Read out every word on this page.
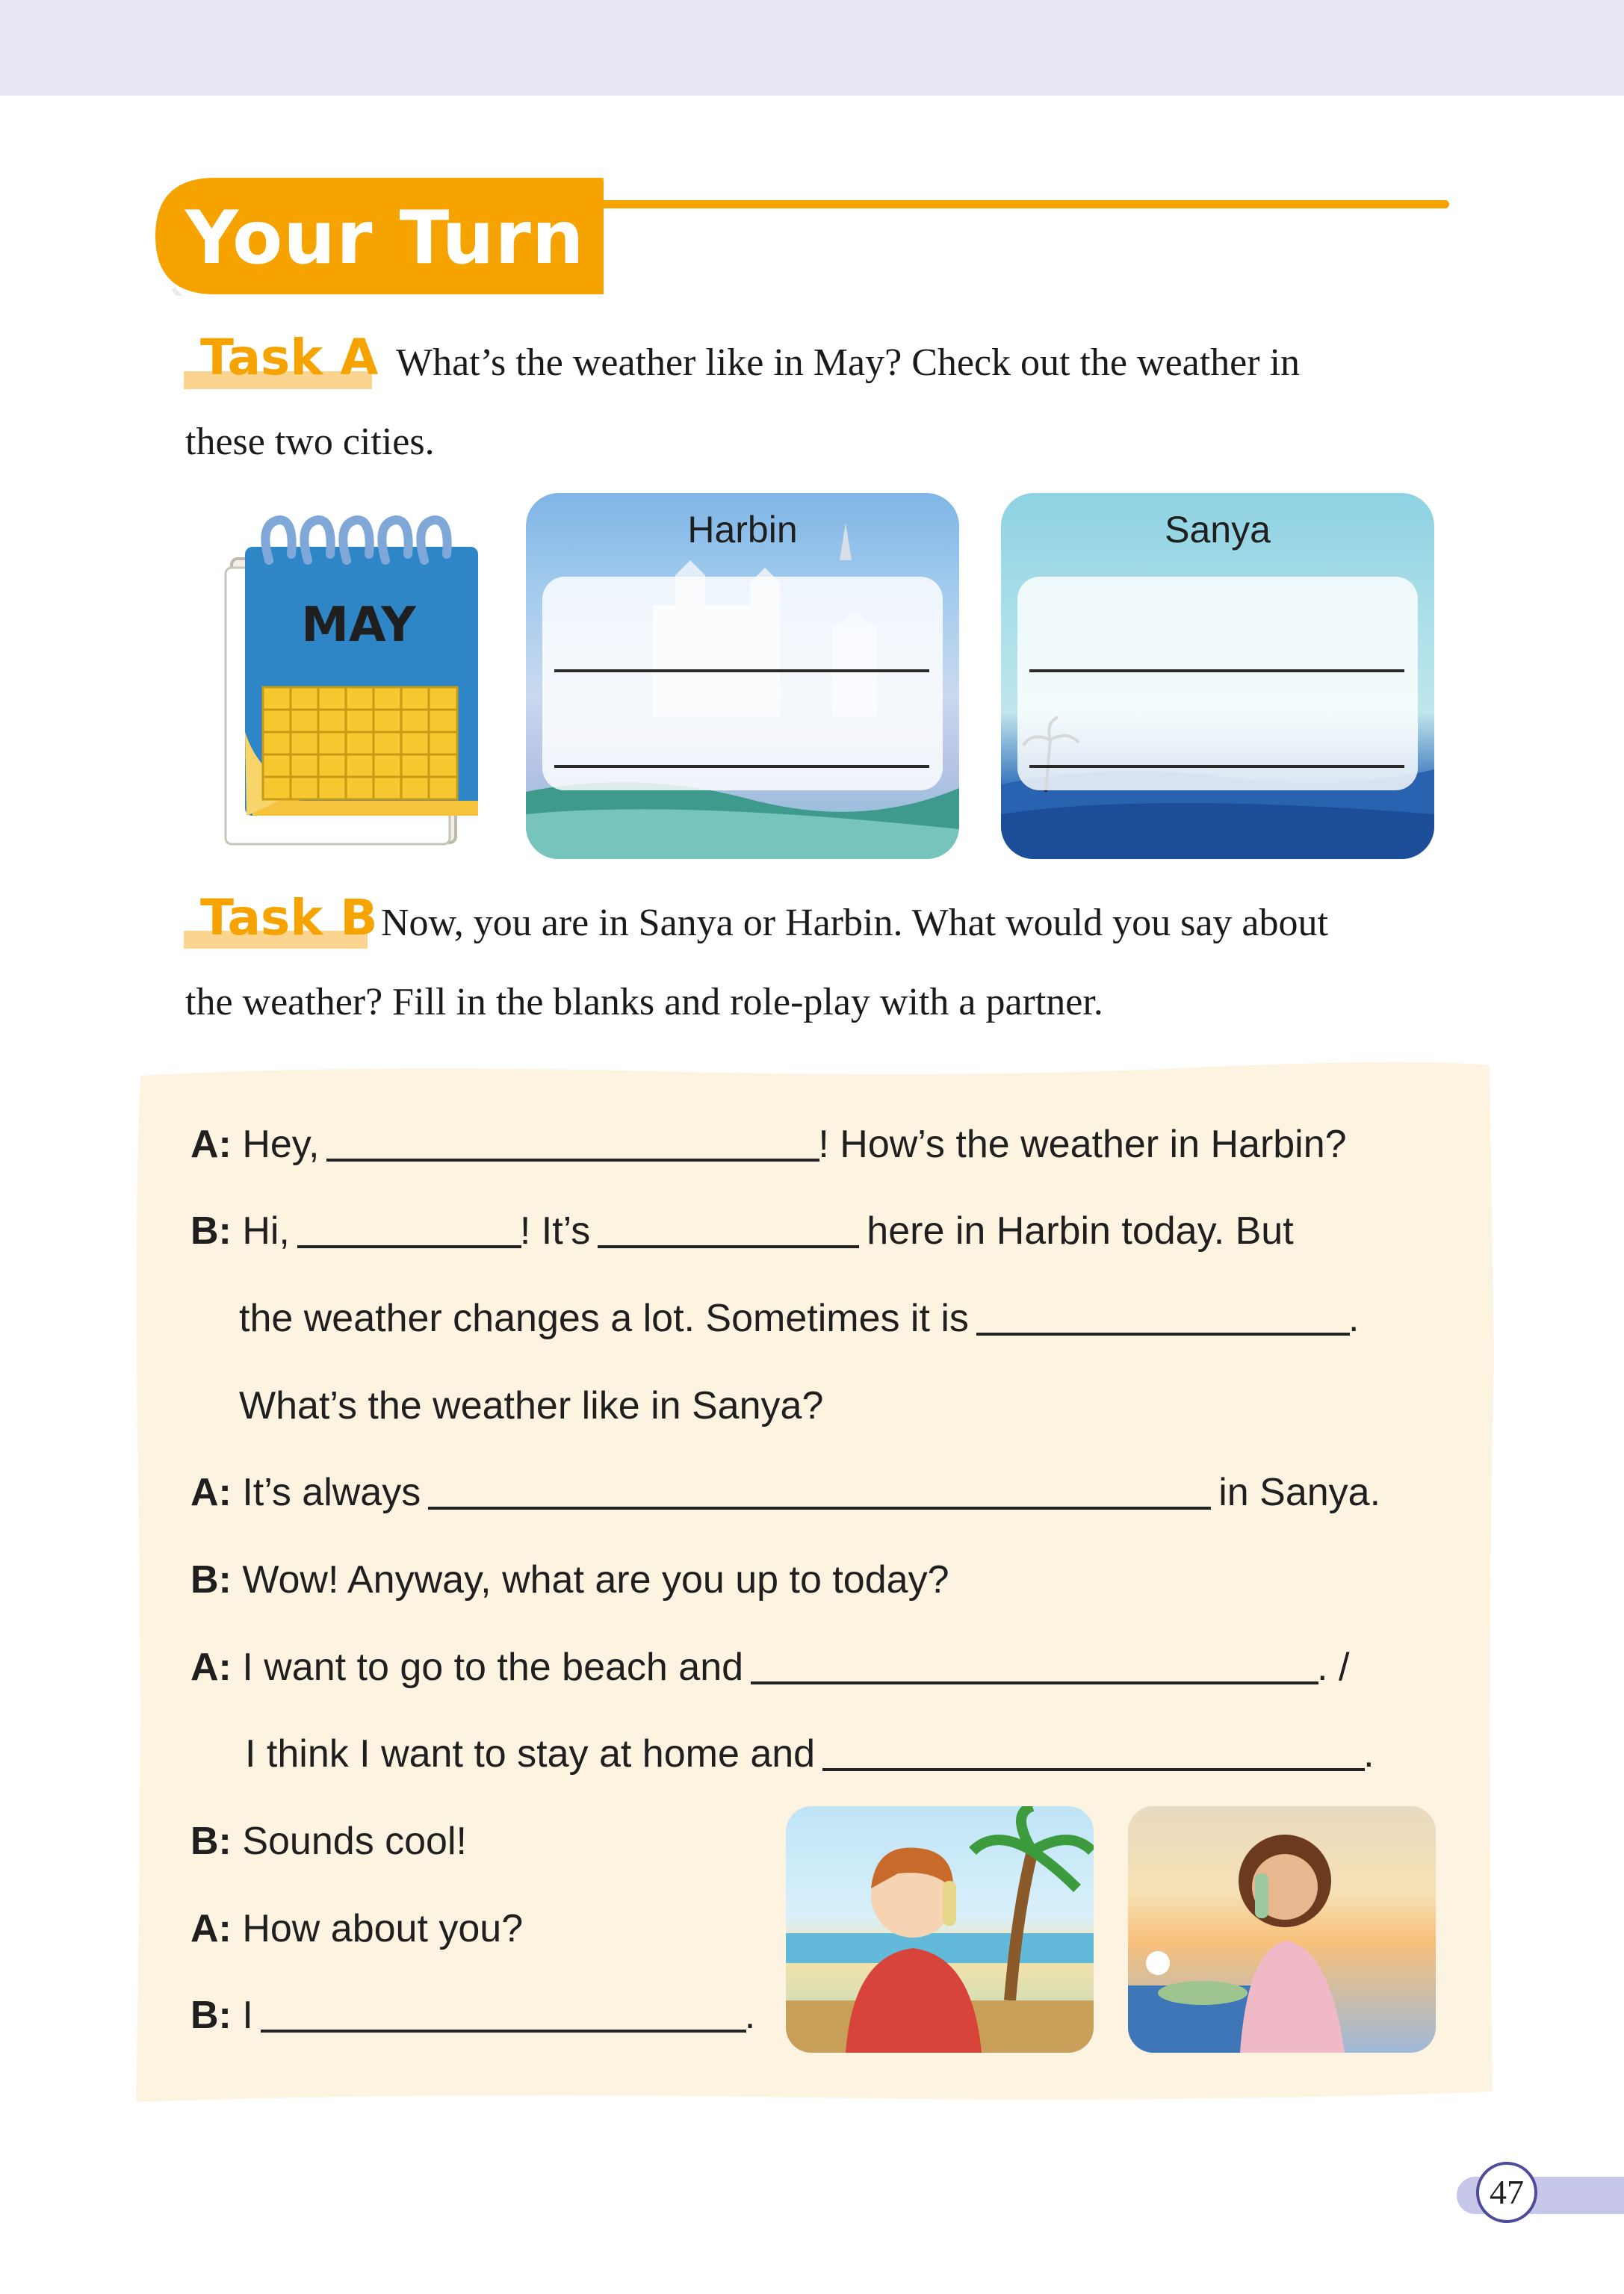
Your Turn
Task A What’s the weather like in May? Check out the weather in
these two cities.
MAY
Harbin	Sanya
Task B Now, you are in Sanya or Harbin. What would you say about
the weather? Fill in the blanks and role-play with a partner.
A: Hey,	! How’s the weather in Harbin?
B: Hi,	! It’s	here in Harbin today. But
the weather changes a lot. Sometimes it is	.
What’s the weather like in Sanya?
A: It’s always	in Sanya.
B: Wow! Anyway, what are you up to today?
A: I want to go to the beach and	. /
I think I want to stay at home and	.
B: Sounds cool!
A: How about you?
B: I	.
47
